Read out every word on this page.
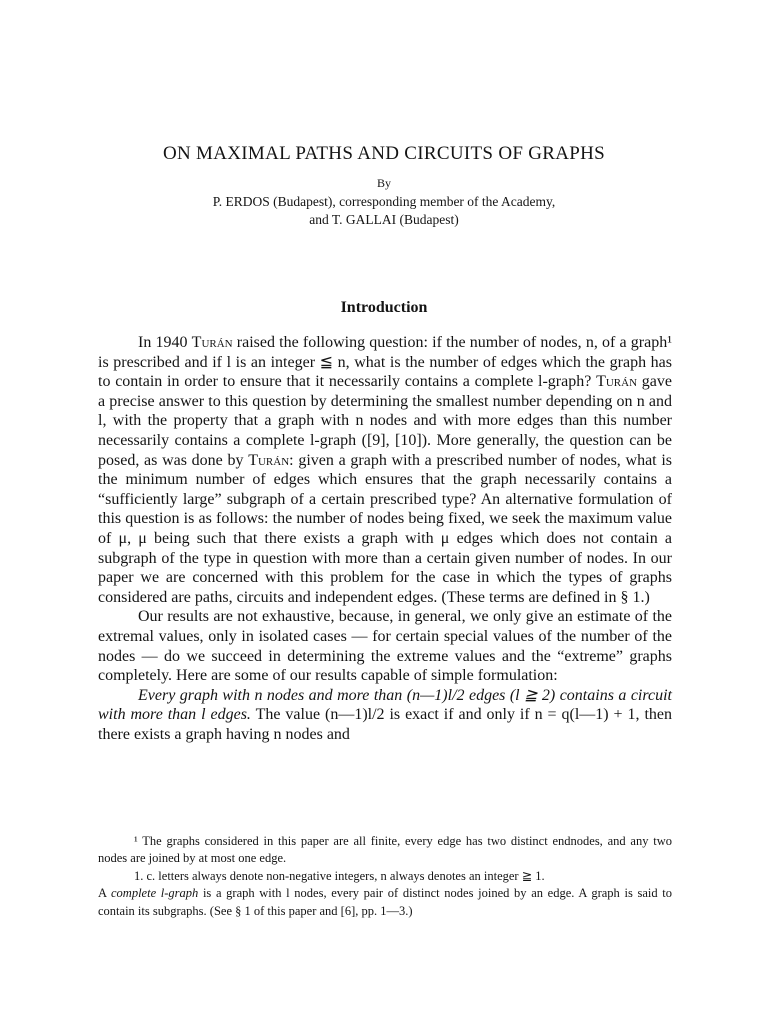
ON MAXIMAL PATHS AND CIRCUITS OF GRAPHS
By
P. ERDOS (Budapest), corresponding member of the Academy,
and T. GALLAI (Budapest)
Introduction

In 1940 Turán raised the following question: if the number of nodes, n, of a graph¹ is prescribed and if l is an integer ≦ n, what is the number of edges which the graph has to contain in order to ensure that it necessarily contains a complete l-graph? Turán gave a precise answer to this question by determining the smallest number depending on n and l, with the property that a graph with n nodes and with more edges than this number necessarily contains a complete l-graph ([9], [10]). More generally, the question can be posed, as was done by Turán: given a graph with a prescribed number of nodes, what is the minimum number of edges which ensures that the graph necessarily contains a “sufficiently large” subgraph of a certain prescribed type? An alternative formulation of this question is as follows: the number of nodes being fixed, we seek the maximum value of μ, μ being such that there exists a graph with μ edges which does not contain a subgraph of the type in question with more than a certain given number of nodes. In our paper we are concerned with this problem for the case in which the types of graphs considered are paths, circuits and independent edges. (These terms are defined in § 1.)

Our results are not exhaustive, because, in general, we only give an estimate of the extremal values, only in isolated cases — for certain special values of the number of the nodes — do we succeed in determining the extreme values and the “extreme” graphs completely. Here are some of our results capable of simple formulation:

Every graph with n nodes and more than (n—1)l/2 edges (l ≧ 2) contains a circuit with more than l edges. The value (n—1)l/2 is exact if and only if n = q(l—1) + 1, then there exists a graph having n nodes and

¹ The graphs considered in this paper are all finite, every edge has two distinct endnodes, and any two nodes are joined by at most one edge.

1. c. letters always denote non-negative integers, n always denotes an integer ≧ 1.

A complete l-graph is a graph with l nodes, every pair of distinct nodes joined by an edge. A graph is said to contain its subgraphs. (See § 1 of this paper and [6], pp. 1—3.)
